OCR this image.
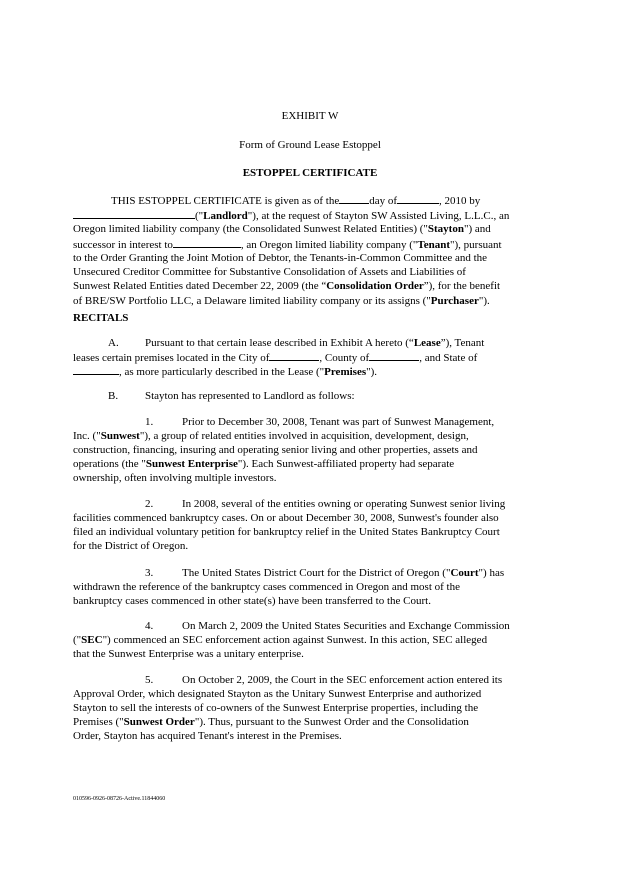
EXHIBIT W
Form of Ground Lease Estoppel
ESTOPPEL CERTIFICATE
THIS ESTOPPEL CERTIFICATE is given as of the	day of	, 2010 by
("Landlord"), at the request of Stayton SW Assisted Living, L.L.C., an
Oregon limited liability company (the Consolidated Sunwest Related Entities) ("Stayton") and
successor in interest to	, an Oregon limited liability company ("Tenant"), pursuant
to the Order Granting the Joint Motion of Debtor, the Tenants-in-Common Committee and the
Unsecured Creditor Committee for Substantive Consolidation of Assets and Liabilities of
Sunwest Related Entities dated December 22, 2009 (the “Consolidation Order”), for the benefit
of BRE/SW Portfolio LLC, a Delaware limited liability company or its assigns ("Purchaser").
RECITALS
A. Pursuant to that certain lease described in Exhibit A hereto (“Lease”), Tenant
leases certain premises located in the City of	, County of	, and State of
, as more particularly described in the Lease ("Premises").
B. Stayton has represented to Landlord as follows:
1.	Prior to December 30, 2008, Tenant was part of Sunwest Management,
Inc. ("Sunwest"), a group of related entities involved in acquisition, development, design,
construction, financing, insuring and operating senior living and other properties, assets and
operations (the "Sunwest Enterprise"). Each Sunwest-affiliated property had separate
ownership, often involving multiple investors.
2.	In 2008, several of the entities owning or operating Sunwest senior living
facilities commenced bankruptcy cases. On or about December 30, 2008, Sunwest's founder also
filed an individual voluntary petition for bankruptcy relief in the United States Bankruptcy Court
for the District of Oregon.
3.	The United States District Court for the District of Oregon ("Court") has
withdrawn the reference of the bankruptcy cases commenced in Oregon and most of the
bankruptcy cases commenced in other state(s) have been transferred to the Court.
4.	On March 2, 2009 the United States Securities and Exchange Commission
("SEC") commenced an SEC enforcement action against Sunwest. In this action, SEC alleged
that the Sunwest Enterprise was a unitary enterprise.
5.	On October 2, 2009, the Court in the SEC enforcement action entered its
Approval Order, which designated Stayton as the Unitary Sunwest Enterprise and authorized
Stayton to sell the interests of co-owners of the Sunwest Enterprise properties, including the
Premises ("Sunwest Order"). Thus, pursuant to the Sunwest Order and the Consolidation
Order, Stayton has acquired Tenant's interest in the Premises.
010596-0926-08726-Active.11844060
